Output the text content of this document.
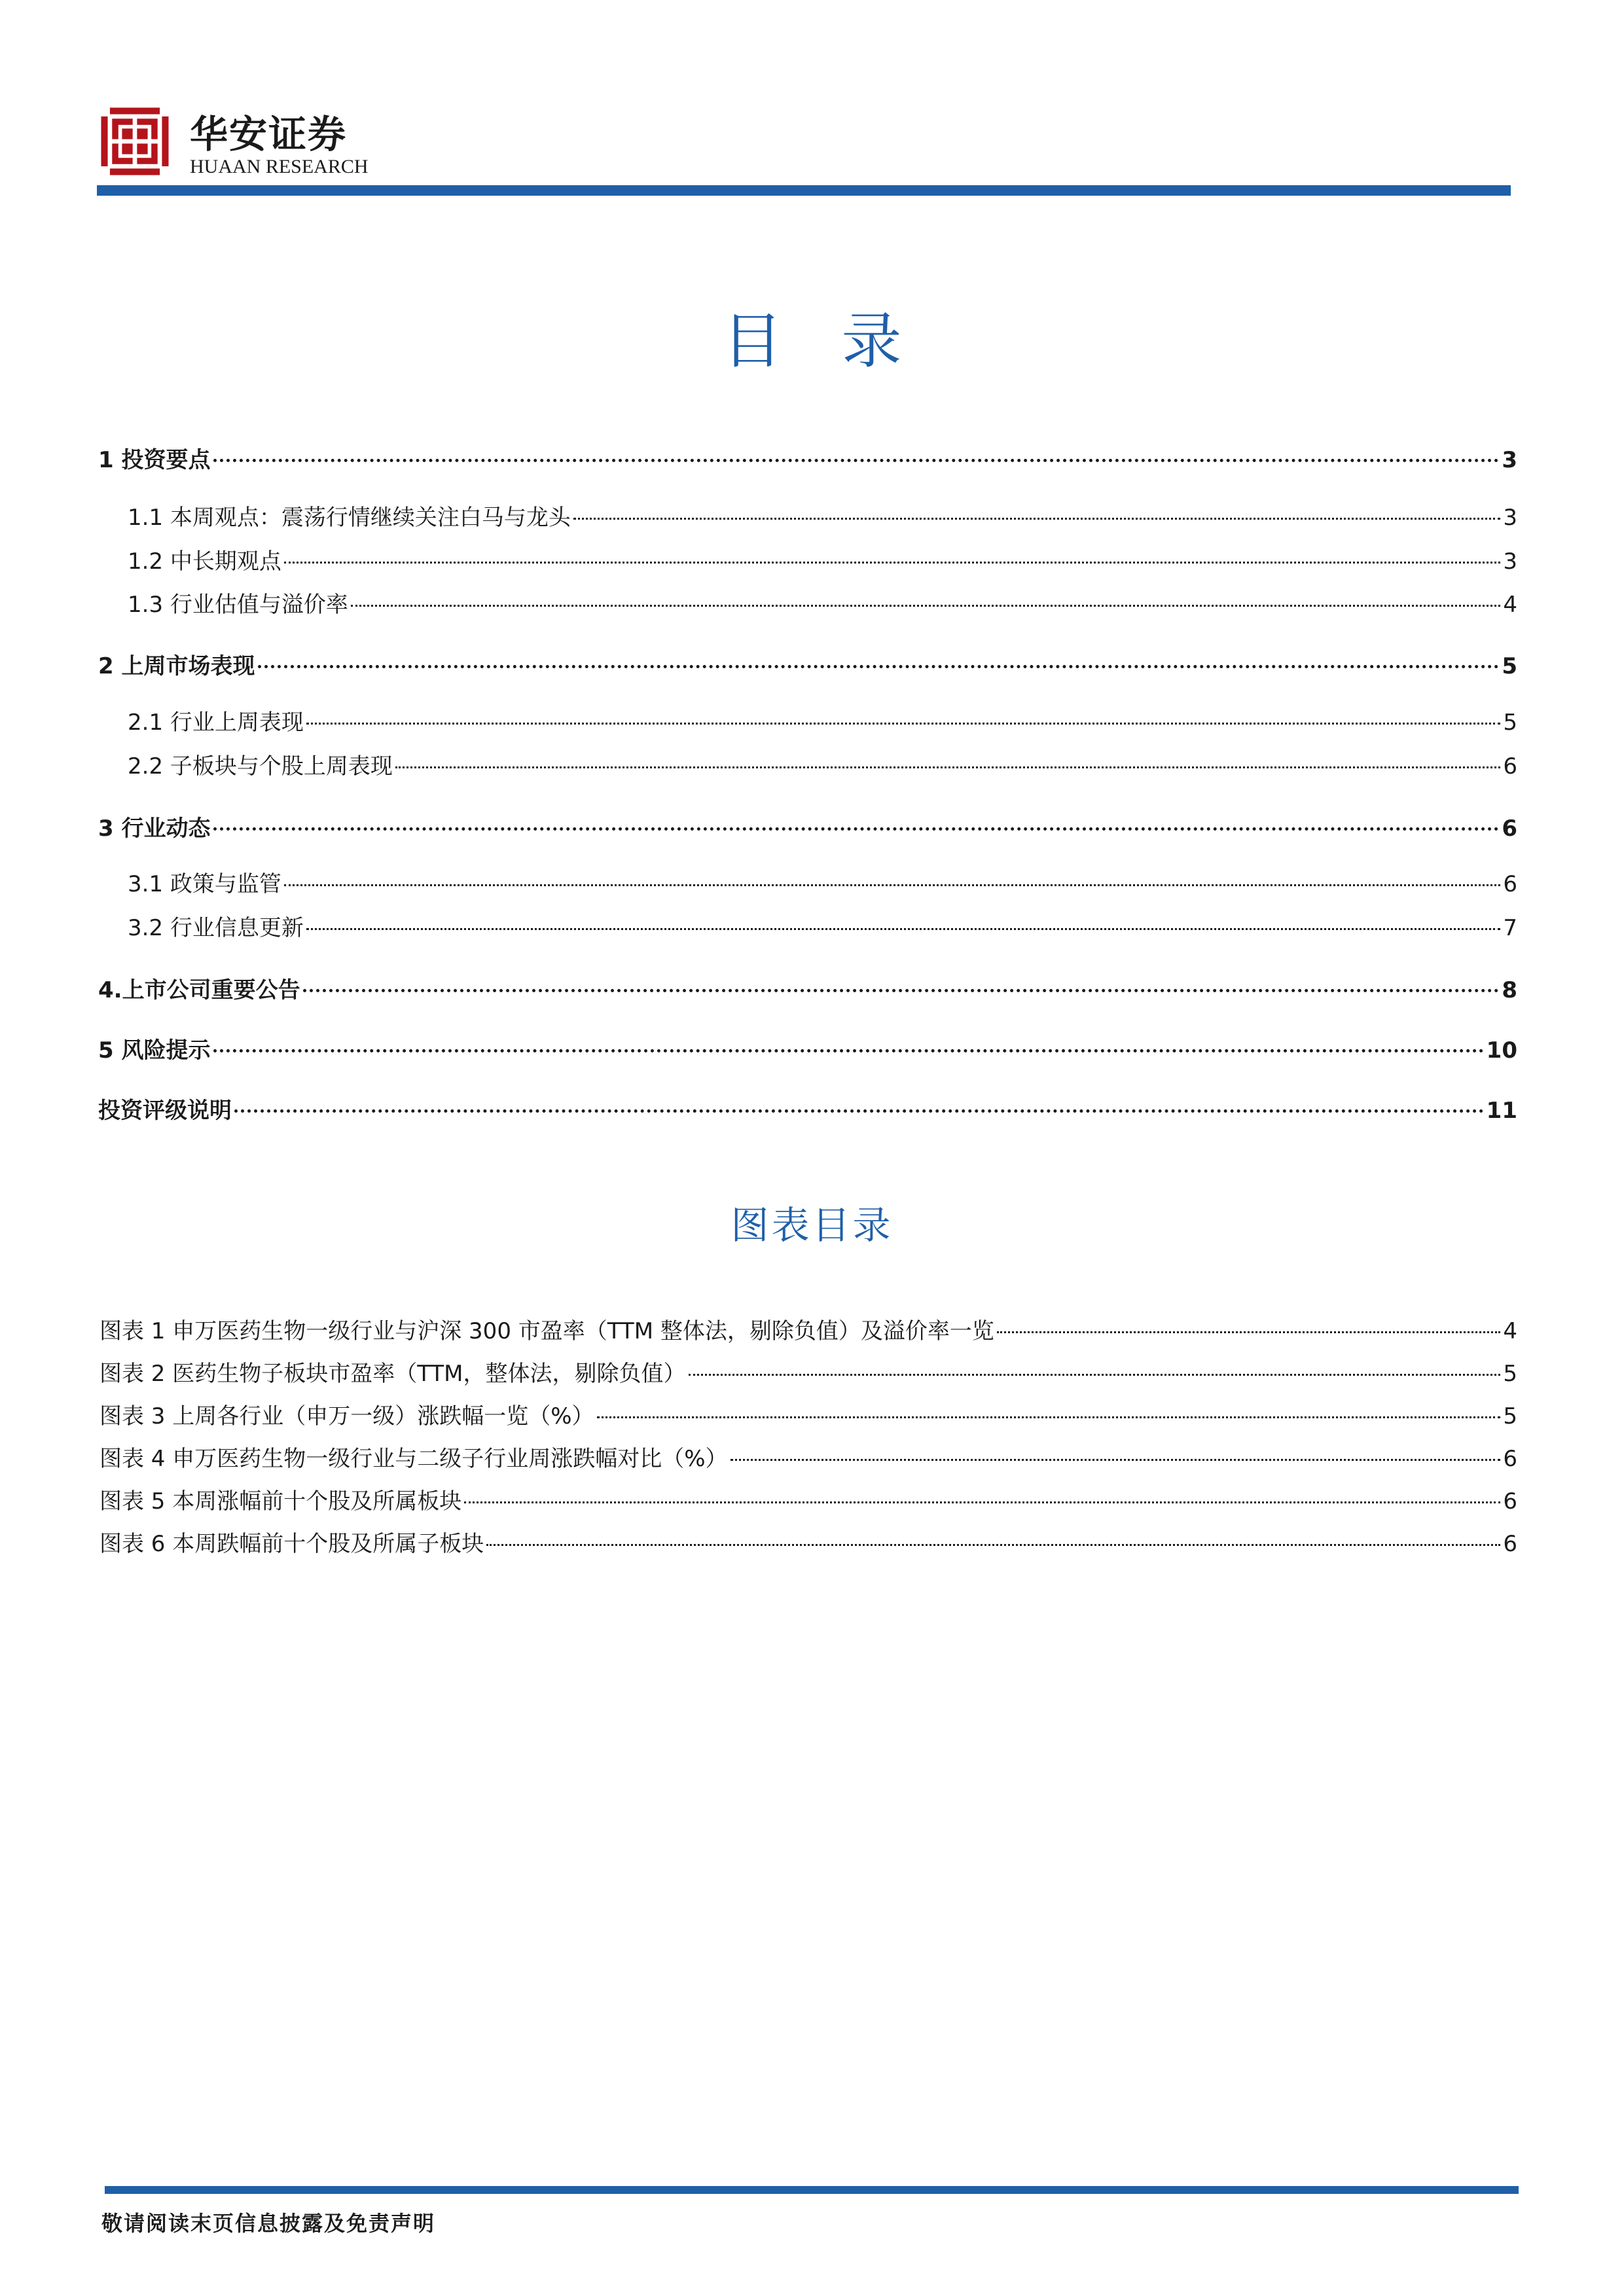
华安证券
HUAAN RESEARCH
目录
1 投资要点	3
1.1 本周观点：震荡行情继续关注白马与龙头	3
1.2 中长期观点	3
1.3 行业估值与溢价率	4
2 上周市场表现	5
2.1 行业上周表现	5
2.2 子板块与个股上周表现	6
3 行业动态	6
3.1 政策与监管	6
3.2 行业信息更新	7
4.上市公司重要公告	8
5 风险提示	10
投资评级说明	11
图表目录
图表 1 申万医药生物一级行业与沪深 300 市盈率（TTM 整体法，剔除负值）及溢价率一览	4
图表 2 医药生物子板块市盈率（TTM，整体法，剔除负值）	5
图表 3 上周各行业（申万一级）涨跌幅一览（%）	5
图表 4 申万医药生物一级行业与二级子行业周涨跌幅对比（%）	6
图表 5 本周涨幅前十个股及所属板块	6
图表 6 本周跌幅前十个股及所属子板块	6
敬请阅读末页信息披露及免责声明
